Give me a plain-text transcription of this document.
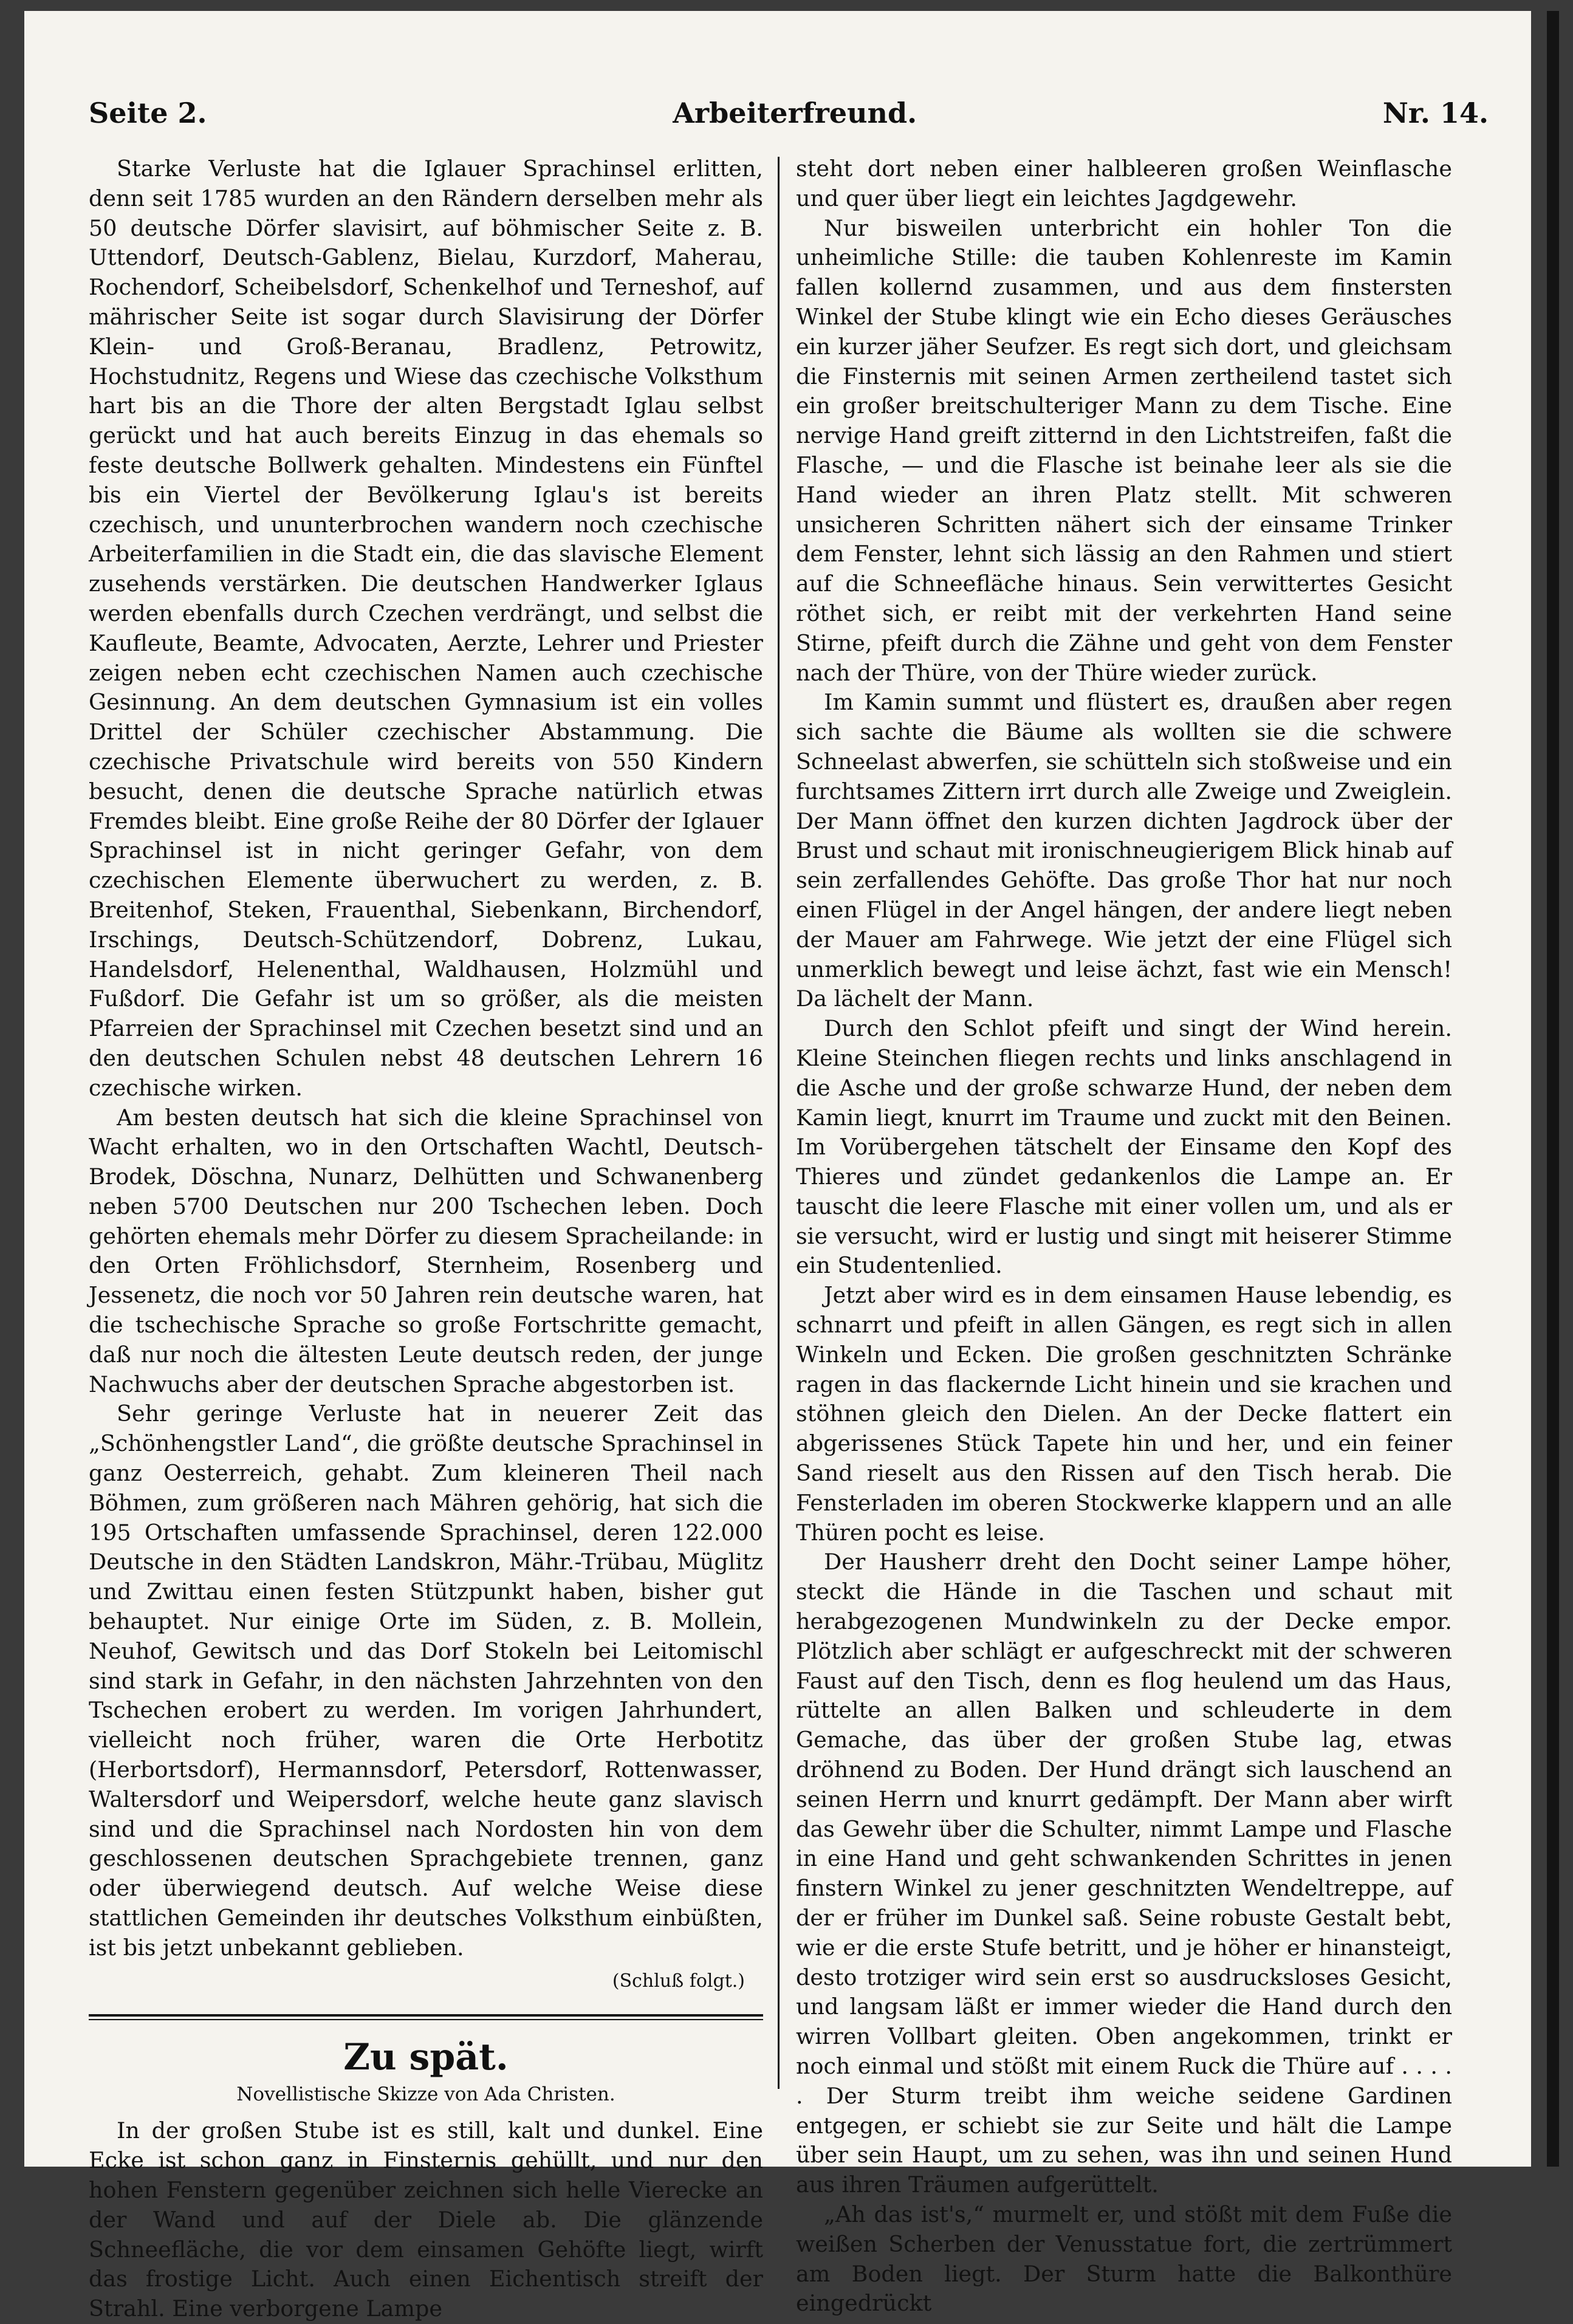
Seite 2.	Arbeiterfreund.	Nr. 14.

Starke Verluste hat die Iglauer Sprachinsel erlitten, denn seit 1785 wurden an den Rändern derselben mehr als 50 deutsche Dörfer slavisirt, auf böhmischer Seite z. B. Uttendorf, Deutsch-Gablenz, Bielau, Kurzdorf, Maherau, Rochendorf, Scheibelsdorf, Schenkelhof und Terneshof, auf mährischer Seite ist sogar durch Slavisirung der Dörfer Klein- und Groß-Beranau, Bradlenz, Petrowitz, Hochstudnitz, Regens und Wiese das czechische Volksthum hart bis an die Thore der alten Bergstadt Iglau selbst gerückt und hat auch bereits Einzug in das ehemals so feste deutsche Bollwerk gehalten. Mindestens ein Fünftel bis ein Viertel der Bevölkerung Iglau's ist bereits czechisch, und ununterbrochen wandern noch czechische Arbeiterfamilien in die Stadt ein, die das slavische Element zusehends verstärken. Die deutschen Handwerker Iglaus werden ebenfalls durch Czechen verdrängt, und selbst die Kaufleute, Beamte, Advocaten, Aerzte, Lehrer und Priester zeigen neben echt czechischen Namen auch czechische Gesinnung. An dem deutschen Gymnasium ist ein volles Drittel der Schüler czechischer Abstammung. Die czechische Privatschule wird bereits von 550 Kindern besucht, denen die deutsche Sprache natürlich etwas Fremdes bleibt. Eine große Reihe der 80 Dörfer der Iglauer Sprachinsel ist in nicht geringer Gefahr, von dem czechischen Elemente überwuchert zu werden, z. B. Breitenhof, Steken, Frauenthal, Siebenkann, Birchendorf, Irschings, Deutsch-Schützendorf, Dobrenz, Lukau, Handelsdorf, Helenenthal, Waldhausen, Holzmühl und Fußdorf. Die Gefahr ist um so größer, als die meisten Pfarreien der Sprachinsel mit Czechen besetzt sind und an den deutschen Schulen nebst 48 deutschen Lehrern 16 czechische wirken.

Am besten deutsch hat sich die kleine Sprachinsel von Wacht erhalten, wo in den Ortschaften Wachtl, Deutsch-Brodek, Döschna, Nunarz, Delhütten und Schwanenberg neben 5700 Deutschen nur 200 Tschechen leben. Doch gehörten ehemals mehr Dörfer zu diesem Spracheilande: in den Orten Fröhlichsdorf, Sternheim, Rosenberg und Jessenetz, die noch vor 50 Jahren rein deutsche waren, hat die tschechische Sprache so große Fortschritte gemacht, daß nur noch die ältesten Leute deutsch reden, der junge Nachwuchs aber der deutschen Sprache abgestorben ist.

Sehr geringe Verluste hat in neuerer Zeit das „Schönhengstler Land“, die größte deutsche Sprachinsel in ganz Oesterreich, gehabt. Zum kleineren Theil nach Böhmen, zum größeren nach Mähren gehörig, hat sich die 195 Ortschaften umfassende Sprachinsel, deren 122.000 Deutsche in den Städten Landskron, Mähr.-Trübau, Müglitz und Zwittau einen festen Stützpunkt haben, bisher gut behauptet. Nur einige Orte im Süden, z. B. Mollein, Neuhof, Gewitsch und das Dorf Stokeln bei Leitomischl sind stark in Gefahr, in den nächsten Jahrzehnten von den Tschechen erobert zu werden. Im vorigen Jahrhundert, vielleicht noch früher, waren die Orte Herbotitz (Herbortsdorf), Hermannsdorf, Petersdorf, Rottenwasser, Waltersdorf und Weipersdorf, welche heute ganz slavisch sind und die Sprachinsel nach Nordosten hin von dem geschlossenen deutschen Sprachgebiete trennen, ganz oder überwiegend deutsch. Auf welche Weise diese stattlichen Gemeinden ihr deutsches Volksthum einbüßten, ist bis jetzt unbekannt geblieben.

(Schluß folgt.)

Zu spät.

Novellistische Skizze von Ada Christen.

In der großen Stube ist es still, kalt und dunkel. Eine Ecke ist schon ganz in Finsternis gehüllt, und nur den hohen Fenstern gegenüber zeichnen sich helle Vierecke an der Wand und auf der Diele ab. Die glänzende Schneefläche, die vor dem einsamen Gehöfte liegt, wirft das frostige Licht. Auch einen Eichentisch streift der Strahl. Eine verborgene Lampe

steht dort neben einer halbleeren großen Weinflasche und quer über liegt ein leichtes Jagdgewehr.

Nur bisweilen unterbricht ein hohler Ton die unheimliche Stille: die tauben Kohlenreste im Kamin fallen kollernd zusammen, und aus dem finstersten Winkel der Stube klingt wie ein Echo dieses Geräusches ein kurzer jäher Seufzer. Es regt sich dort, und gleichsam die Finsternis mit seinen Armen zertheilend tastet sich ein großer breitschulteriger Mann zu dem Tische. Eine nervige Hand greift zitternd in den Lichtstreifen, faßt die Flasche, — und die Flasche ist beinahe leer als sie die Hand wieder an ihren Platz stellt. Mit schweren unsicheren Schritten nähert sich der einsame Trinker dem Fenster, lehnt sich lässig an den Rahmen und stiert auf die Schneefläche hinaus. Sein verwittertes Gesicht röthet sich, er reibt mit der verkehrten Hand seine Stirne, pfeift durch die Zähne und geht von dem Fenster nach der Thüre, von der Thüre wieder zurück.

Im Kamin summt und flüstert es, draußen aber regen sich sachte die Bäume als wollten sie die schwere Schneelast abwerfen, sie schütteln sich stoßweise und ein furchtsames Zittern irrt durch alle Zweige und Zweiglein. Der Mann öffnet den kurzen dichten Jagdrock über der Brust und schaut mit ironischneugierigem Blick hinab auf sein zerfallendes Gehöfte. Das große Thor hat nur noch einen Flügel in der Angel hängen, der andere liegt neben der Mauer am Fahrwege. Wie jetzt der eine Flügel sich unmerklich bewegt und leise ächzt, fast wie ein Mensch! Da lächelt der Mann.

Durch den Schlot pfeift und singt der Wind herein. Kleine Steinchen fliegen rechts und links anschlagend in die Asche und der große schwarze Hund, der neben dem Kamin liegt, knurrt im Traume und zuckt mit den Beinen. Im Vorübergehen tätschelt der Einsame den Kopf des Thieres und zündet gedankenlos die Lampe an. Er tauscht die leere Flasche mit einer vollen um, und als er sie versucht, wird er lustig und singt mit heiserer Stimme ein Studentenlied.

Jetzt aber wird es in dem einsamen Hause lebendig, es schnarrt und pfeift in allen Gängen, es regt sich in allen Winkeln und Ecken. Die großen geschnitzten Schränke ragen in das flackernde Licht hinein und sie krachen und stöhnen gleich den Dielen. An der Decke flattert ein abgerissenes Stück Tapete hin und her, und ein feiner Sand rieselt aus den Rissen auf den Tisch herab. Die Fensterladen im oberen Stockwerke klappern und an alle Thüren pocht es leise.

Der Hausherr dreht den Docht seiner Lampe höher, steckt die Hände in die Taschen und schaut mit herabgezogenen Mundwinkeln zu der Decke empor. Plötzlich aber schlägt er aufgeschreckt mit der schweren Faust auf den Tisch, denn es flog heulend um das Haus, rüttelte an allen Balken und schleuderte in dem Gemache, das über der großen Stube lag, etwas dröhnend zu Boden. Der Hund drängt sich lauschend an seinen Herrn und knurrt gedämpft. Der Mann aber wirft das Gewehr über die Schulter, nimmt Lampe und Flasche in eine Hand und geht schwankenden Schrittes in jenen finstern Winkel zu jener geschnitzten Wendeltreppe, auf der er früher im Dunkel saß. Seine robuste Gestalt bebt, wie er die erste Stufe betritt, und je höher er hinansteigt, desto trotziger wird sein erst so ausdrucksloses Gesicht, und langsam läßt er immer wieder die Hand durch den wirren Vollbart gleiten. Oben angekommen, trinkt er noch einmal und stößt mit einem Ruck die Thüre auf . . . . . Der Sturm treibt ihm weiche seidene Gardinen entgegen, er schiebt sie zur Seite und hält die Lampe über sein Haupt, um zu sehen, was ihn und seinen Hund aus ihren Träumen aufgerüttelt.

„Ah das ist's,“ murmelt er, und stößt mit dem Fuße die weißen Scherben der Venusstatue fort, die zertrümmert am Boden liegt. Der Sturm hatte die Balkonthüre eingedrückt
